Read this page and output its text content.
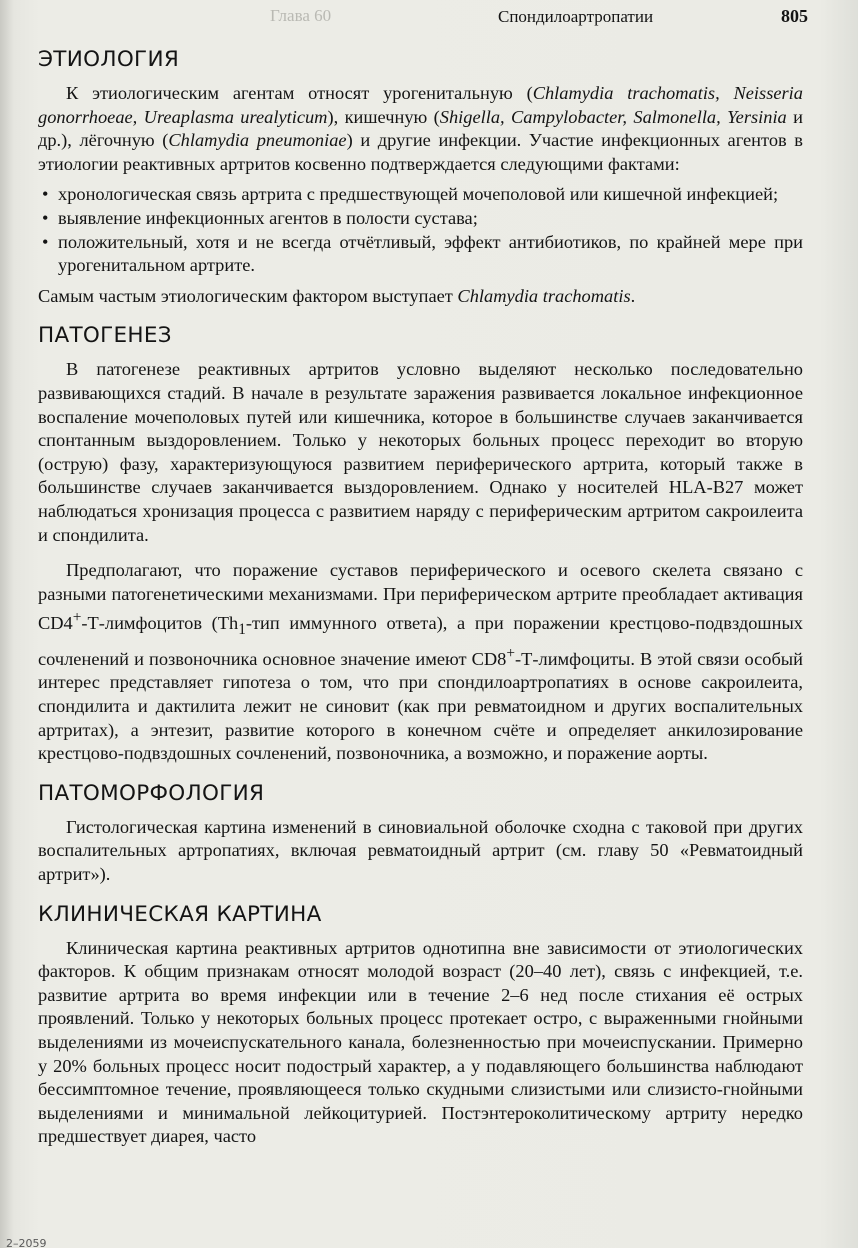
Глава 60	Спондилоартропатии	805
ЭТИОЛОГИЯ

К этиологическим агентам относят урогенитальную (Chlamydia trachomatis, Neisseria gonorrhoeae, Ureaplasma urealyticum), кишечную (Shigella, Campylobacter, Salmonella, Yersinia и др.), лёгочную (Chlamydia pneumoniae) и другие инфекции. Участие инфекционных агентов в этиологии реактивных артритов косвенно подтверждается следующими фактами:

• хронологическая связь артрита с предшествующей мочеполовой или кишечной инфекцией;
• выявление инфекционных агентов в полости сустава;
• положительный, хотя и не всегда отчётливый, эффект антибиотиков, по крайней мере при урогенитальном артрите.

Самым частым этиологическим фактором выступает Chlamydia trachomatis.

ПАТОГЕНЕЗ

В патогенезе реактивных артритов условно выделяют несколько последовательно развивающихся стадий. В начале в результате заражения развивается локальное инфекционное воспаление мочеполовых путей или кишечника, которое в большинстве случаев заканчивается спонтанным выздоровлением. Только у некоторых больных процесс переходит во вторую (острую) фазу, характеризующуюся развитием периферического артрита, который также в большинстве случаев заканчивается выздоровлением. Однако у носителей HLA-B27 может наблюдаться хронизация процесса с развитием наряду с периферическим артритом сакроилеита и спондилита.

Предполагают, что поражение суставов периферического и осевого скелета связано с разными патогенетическими механизмами. При периферическом артрите преобладает активация CD4+-Т-лимфоцитов ($Th_1$-тип иммунного ответа), а при поражении крестцово-подвздошных сочленений и позвоночника основное значение имеют CD8+-Т-лимфоциты. В этой связи особый интерес представляет гипотеза о том, что при спондилоартропатиях в основе сакроилеита, спондилита и дактилита лежит не синовит (как при ревматоидном и других воспалительных артритах), а энтезит, развитие которого в конечном счёте и определяет анкилозирование крестцово-подвздошных сочленений, позвоночника, а возможно, и поражение аорты.

ПАТОМОРФОЛОГИЯ

Гистологическая картина изменений в синовиальной оболочке сходна с таковой при других воспалительных артропатиях, включая ревматоидный артрит (см. главу 50 «Ревматоидный артрит»).

КЛИНИЧЕСКАЯ КАРТИНА

Клиническая картина реактивных артритов однотипна вне зависимости от этиологических факторов. К общим признакам относят молодой возраст (20–40 лет), связь с инфекцией, т.е. развитие артрита во время инфекции или в течение 2–6 нед после стихания её острых проявлений. Только у некоторых больных процесс протекает остро, с выраженными гнойными выделениями из мочеиспускательного канала, болезненностью при мочеиспускании. Примерно у 20% больных процесс носит подострый характер, а у подавляющего большинства наблюдают бессимптомное течение, проявляющееся только скудными слизистыми или слизисто-гнойными выделениями и минимальной лейкоцитурией. Постэнтероколитическому артриту нередко предшествует диарея, часто

2–2059
